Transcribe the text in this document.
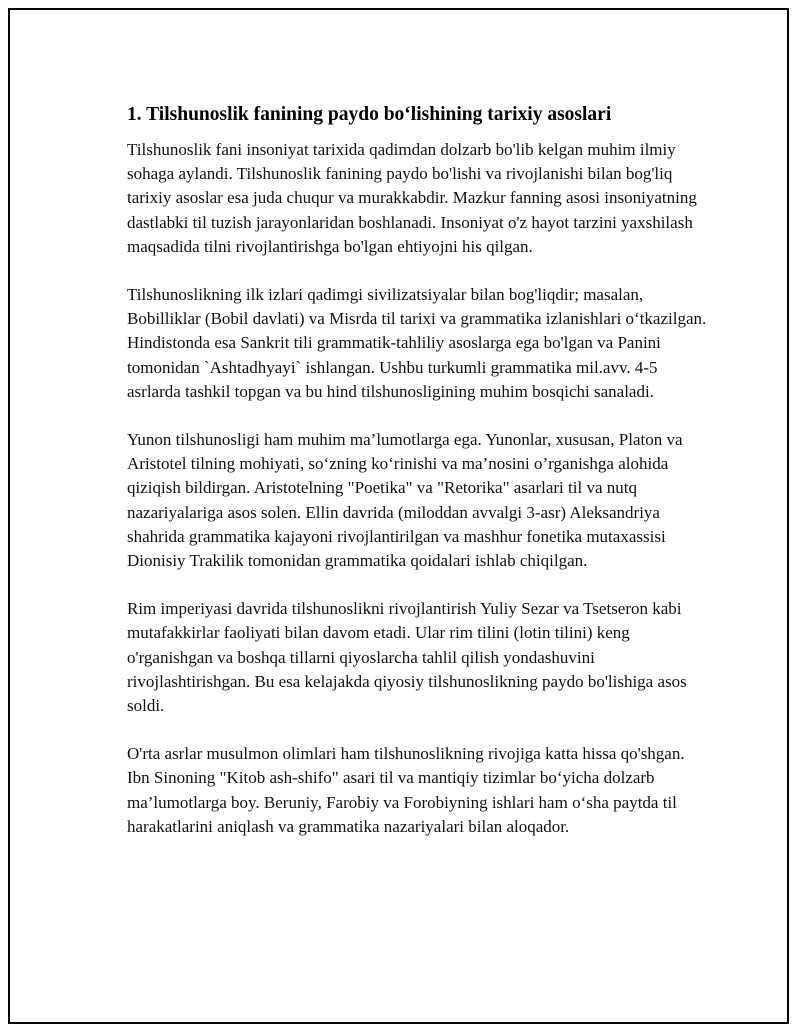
1. Tilshunoslik fanining paydo bo‘lishining tarixiy asoslari

Tilshunoslik fani insoniyat tarixida qadimdan dolzarb bo'lib kelgan muhim ilmiy sohaga aylandi. Tilshunoslik fanining paydo bo'lishi va rivojlanishi bilan bog'liq tarixiy asoslar esa juda chuqur va murakkabdir. Mazkur fanning asosi insoniyatning dastlabki til tuzish jarayonlaridan boshlanadi. Insoniyat o'z hayot tarzini yaxshilash maqsadida tilni rivojlantirishga bo'lgan ehtiyojni his qilgan.

Tilshunoslikning ilk izlari qadimgi sivilizatsiyalar bilan bog'liqdir; masalan, Bobilliklar (Bobil davlati) va Misrda til tarixi va grammatika izlanishlari o‘tkazilgan. Hindistonda esa Sankrit tili grammatik-tahliliy asoslarga ega bo'lgan va Panini tomonidan `Ashtadhyayi` ishlangan. Ushbu turkumli grammatika mil.avv. 4-5 asrlarda tashkil topgan va bu hind tilshunosligining muhim bosqichi sanaladi.

Yunon tilshunosligi ham muhim ma’lumotlarga ega. Yunonlar, xususan, Platon va Aristotel tilning mohiyati, so‘zning ko‘rinishi va ma’nosini o’rganishga alohida qiziqish bildirgan. Aristotelning "Poetika" va "Retorika" asarlari til va nutq nazariyalariga asos solen. Ellin davrida (miloddan avvalgi 3-asr) Aleksandriya shahrida grammatika kajayoni rivojlantirilgan va mashhur fonetika mutaxassisi Dionisiy Trakilik tomonidan grammatika qoidalari ishlab chiqilgan.

Rim imperiyasi davrida tilshunoslikni rivojlantirish Yuliy Sezar va Tsetseron kabi mutafakkirlar faoliyati bilan davom etadi. Ular rim tilini (lotin tilini) keng o'rganishgan va boshqa tillarni qiyoslarcha tahlil qilish yondashuvini rivojlashtirishgan. Bu esa kelajakda qiyosiy tilshunoslikning paydo bo'lishiga asos soldi.

O'rta asrlar musulmon olimlari ham tilshunoslikning rivojiga katta hissa qo'shgan. Ibn Sinoning "Kitob ash-shifo" asari til va mantiqiy tizimlar bo‘yicha dolzarb ma’lumotlarga boy. Beruniy, Farobiy va Forobiyning ishlari ham o‘sha paytda til harakatlarini aniqlash va grammatika nazariyalari bilan aloqador.
